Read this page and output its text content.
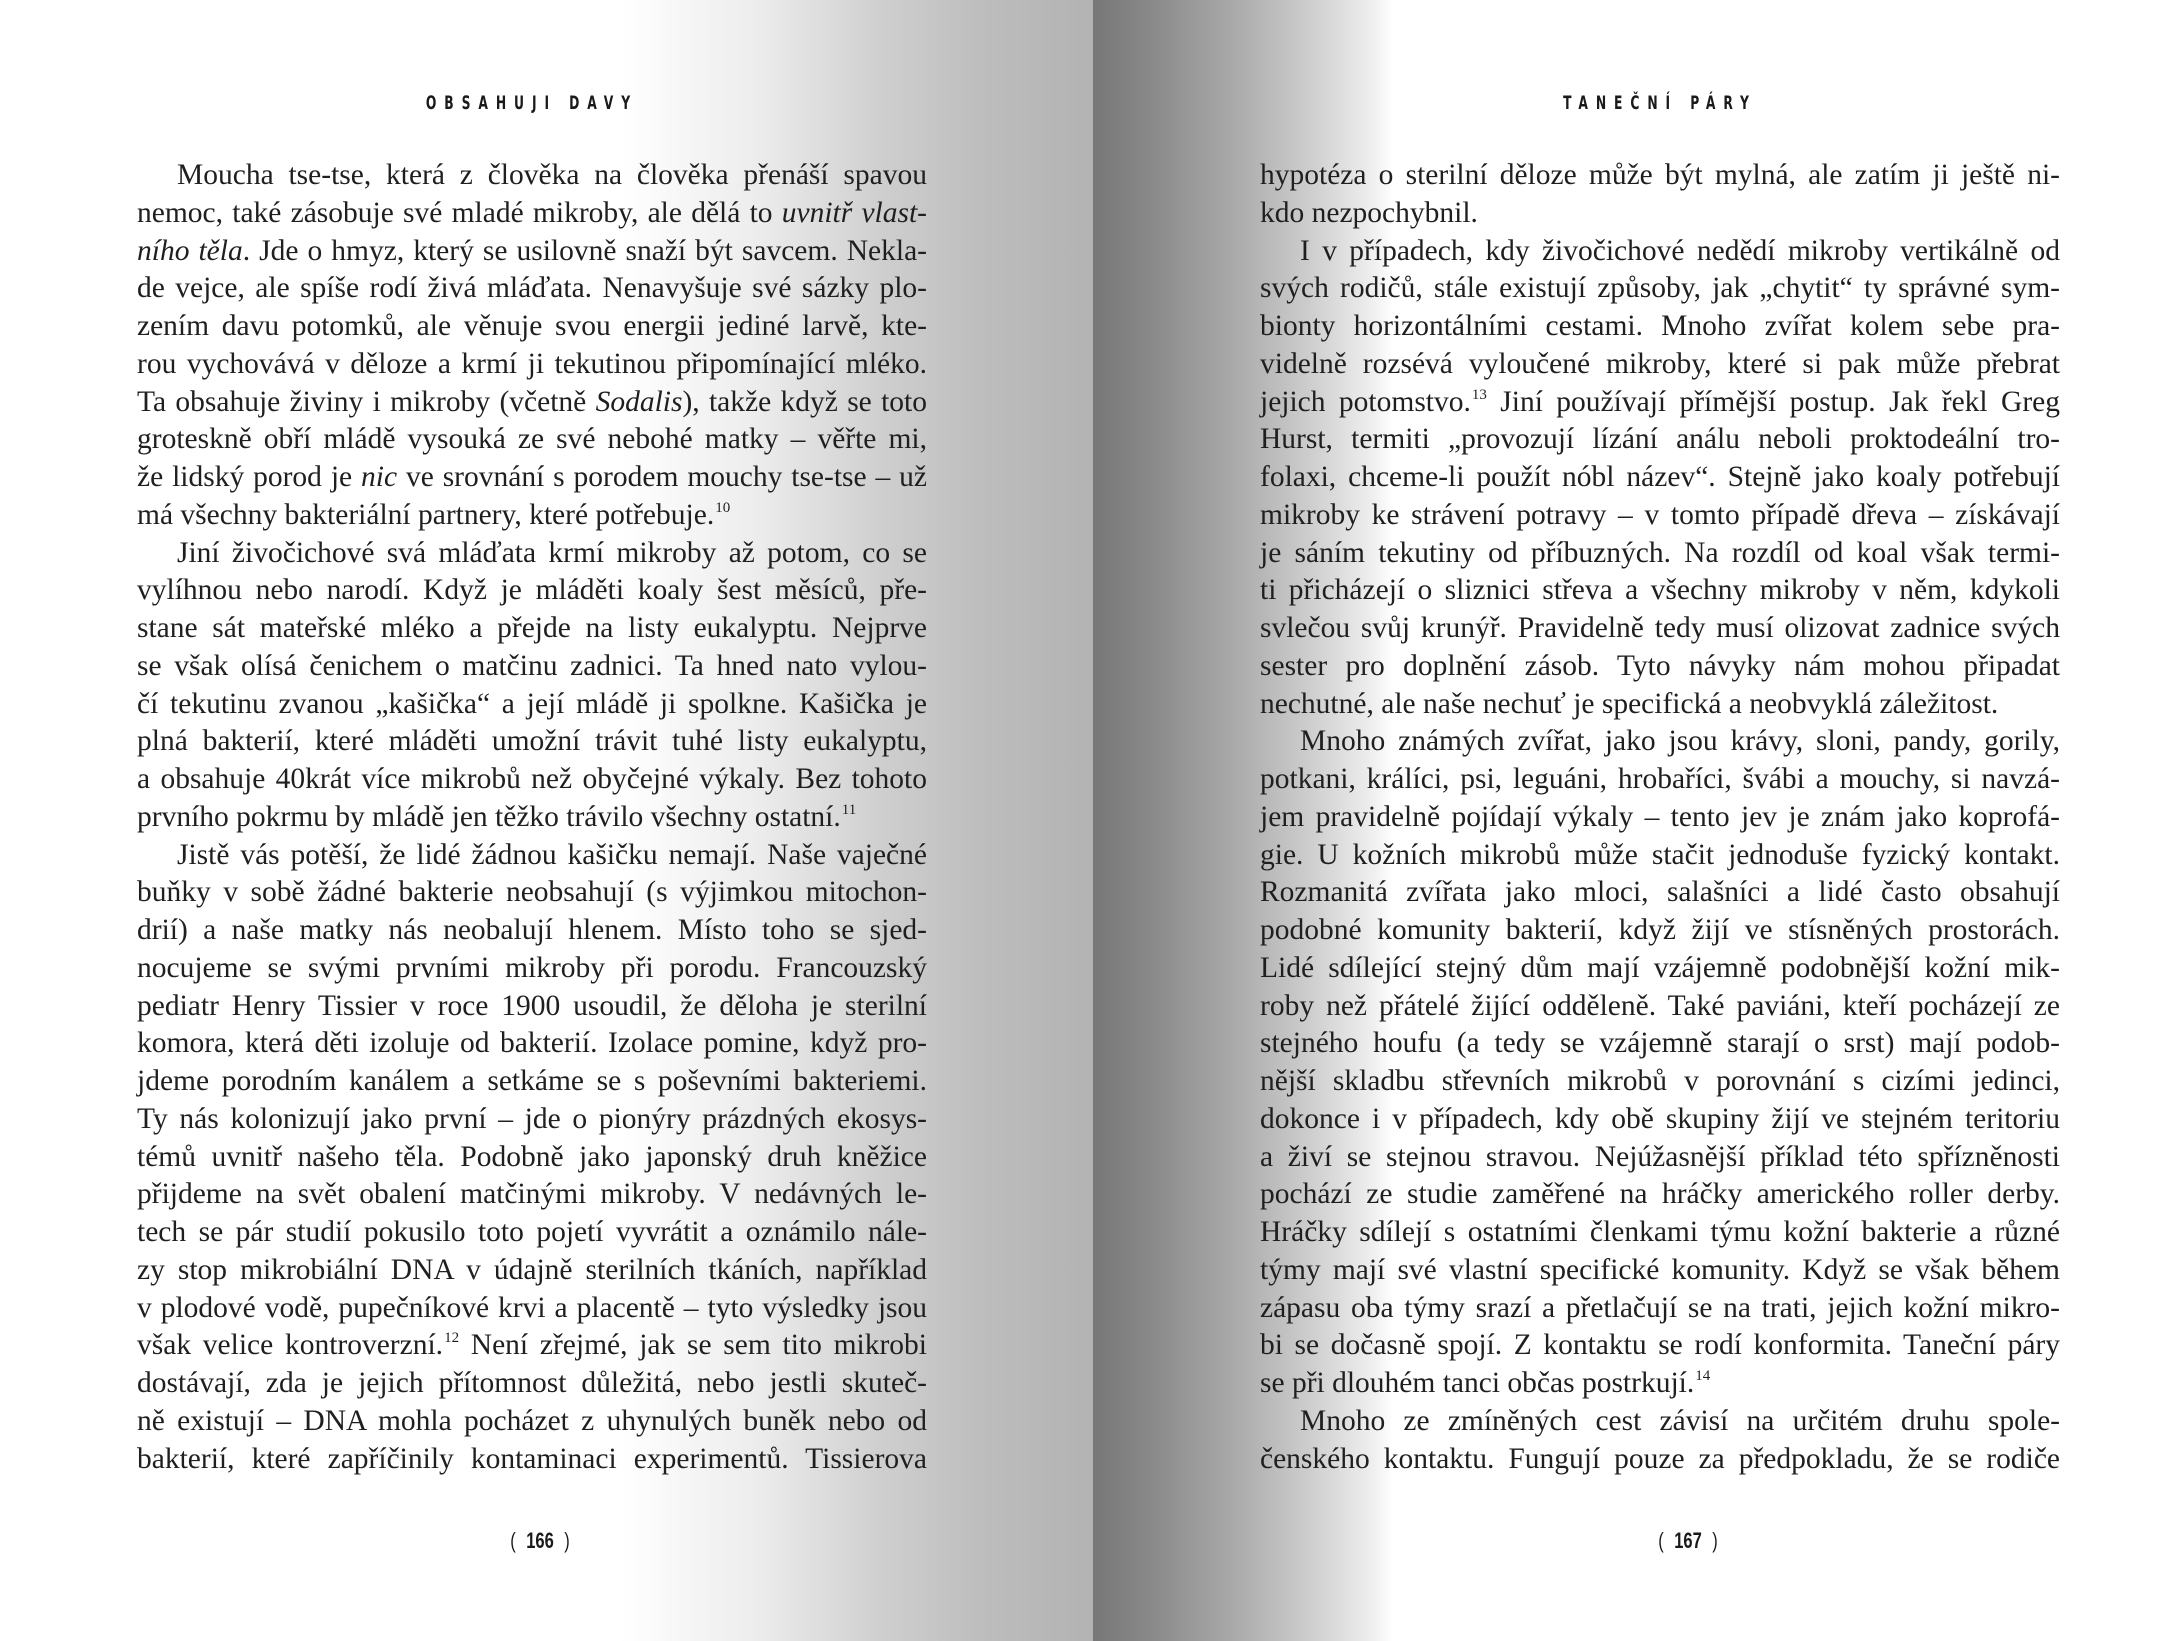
OBSAHUJI DAVY
Moucha tse-tse, která z člověka na člověka přenáší spavou
nemoc, také zásobuje své mladé mikroby, ale dělá to uvnitř vlast-
ního těla. Jde o hmyz, který se usilovně snaží být savcem. Nekla-
de vejce, ale spíše rodí živá mláďata. Nenavyšuje své sázky plo-
zením davu potomků, ale věnuje svou energii jediné larvě, kte-
rou vychovává v děloze a krmí ji tekutinou připomínající mléko.
Ta obsahuje živiny i mikroby (včetně Sodalis), takže když se toto
groteskně obří mládě vysouká ze své nebohé matky – věřte mi,
že lidský porod je nic ve srovnání s porodem mouchy tse-tse – už
má všechny bakteriální partnery, které potřebuje.$^{10}$
Jiní živočichové svá mláďata krmí mikroby až potom, co se
vylíhnou nebo narodí. Když je mláděti koaly šest měsíců, pře-
stane sát mateřské mléko a přejde na listy eukalyptu. Nejprve
se však olísá čenichem o matčinu zadnici. Ta hned nato vylou-
čí tekutinu zvanou „kašička“ a její mládě ji spolkne. Kašička je
plná bakterií, které mláděti umožní trávit tuhé listy eukalyptu,
a obsahuje 40krát více mikrobů než obyčejné výkaly. Bez tohoto
prvního pokrmu by mládě jen těžko trávilo všechny ostatní.$^{11}$
Jistě vás potěší, že lidé žádnou kašičku nemají. Naše vaječné
buňky v sobě žádné bakterie neobsahují (s výjimkou mitochon-
drií) a naše matky nás neobalují hlenem. Místo toho se sjed-
nocujeme se svými prvními mikroby při porodu. Francouzský
pediatr Henry Tissier v roce 1900 usoudil, že děloha je sterilní
komora, která děti izoluje od bakterií. Izolace pomine, když pro-
jdeme porodním kanálem a setkáme se s poševními bakteriemi.
Ty nás kolonizují jako první – jde o pionýry prázdných ekosys-
témů uvnitř našeho těla. Podobně jako japonský druh kněžice
přijdeme na svět obalení matčinými mikroby. V nedávných le-
tech se pár studií pokusilo toto pojetí vyvrátit a oznámilo nále-
zy stop mikrobiální DNA v údajně sterilních tkáních, například
v plodové vodě, pupečníkové krvi a placentě – tyto výsledky jsou
však velice kontroverzní.$^{12}$ Není zřejmé, jak se sem tito mikrobi
dostávají, zda je jejich přítomnost důležitá, nebo jestli skuteč-
ně existují – DNA mohla pocházet z uhynulých buněk nebo od
bakterií, které zapříčinily kontaminaci experimentů. Tissierova
( 166 )
TANEČNÍ PÁRY
hypotéza o sterilní děloze může být mylná, ale zatím ji ještě ni-
kdo nezpochybnil.
I v případech, kdy živočichové nedědí mikroby vertikálně od
svých rodičů, stále existují způsoby, jak „chytit“ ty správné sym-
bionty horizontálními cestami. Mnoho zvířat kolem sebe pra-
videlně rozsévá vyloučené mikroby, které si pak může přebrat
jejich potomstvo.$^{13}$ Jiní používají přímější postup. Jak řekl Greg
Hurst, termiti „provozují lízání análu neboli proktodeální tro-
folaxi, chceme-li použít nóbl název“. Stejně jako koaly potřebují
mikroby ke strávení potravy – v tomto případě dřeva – získávají
je sáním tekutiny od příbuzných. Na rozdíl od koal však termi-
ti přicházejí o sliznici střeva a všechny mikroby v něm, kdykoli
svlečou svůj krunýř. Pravidelně tedy musí olizovat zadnice svých
sester pro doplnění zásob. Tyto návyky nám mohou připadat
nechutné, ale naše nechuť je specifická a neobvyklá záležitost.
Mnoho známých zvířat, jako jsou krávy, sloni, pandy, gorily,
potkani, králíci, psi, leguáni, hrobaříci, švábi a mouchy, si navzá-
jem pravidelně pojídají výkaly – tento jev je znám jako koprofá-
gie. U kožních mikrobů může stačit jednoduše fyzický kontakt.
Rozmanitá zvířata jako mloci, salašníci a lidé často obsahují
podobné komunity bakterií, když žijí ve stísněných prostorách.
Lidé sdílející stejný dům mají vzájemně podobnější kožní mik-
roby než přátelé žijící odděleně. Také paviáni, kteří pocházejí ze
stejného houfu (a tedy se vzájemně starají o srst) mají podob-
nější skladbu střevních mikrobů v porovnání s cizími jedinci,
dokonce i v případech, kdy obě skupiny žijí ve stejném teritoriu
a živí se stejnou stravou. Nejúžasnější příklad této spřízněnosti
pochází ze studie zaměřené na hráčky amerického roller derby.
Hráčky sdílejí s ostatními členkami týmu kožní bakterie a různé
týmy mají své vlastní specifické komunity. Když se však během
zápasu oba týmy srazí a přetlačují se na trati, jejich kožní mikro-
bi se dočasně spojí. Z kontaktu se rodí konformita. Taneční páry
se při dlouhém tanci občas postrkují.$^{14}$
Mnoho ze zmíněných cest závisí na určitém druhu spole-
čenského kontaktu. Fungují pouze za předpokladu, že se rodiče
( 167 )
